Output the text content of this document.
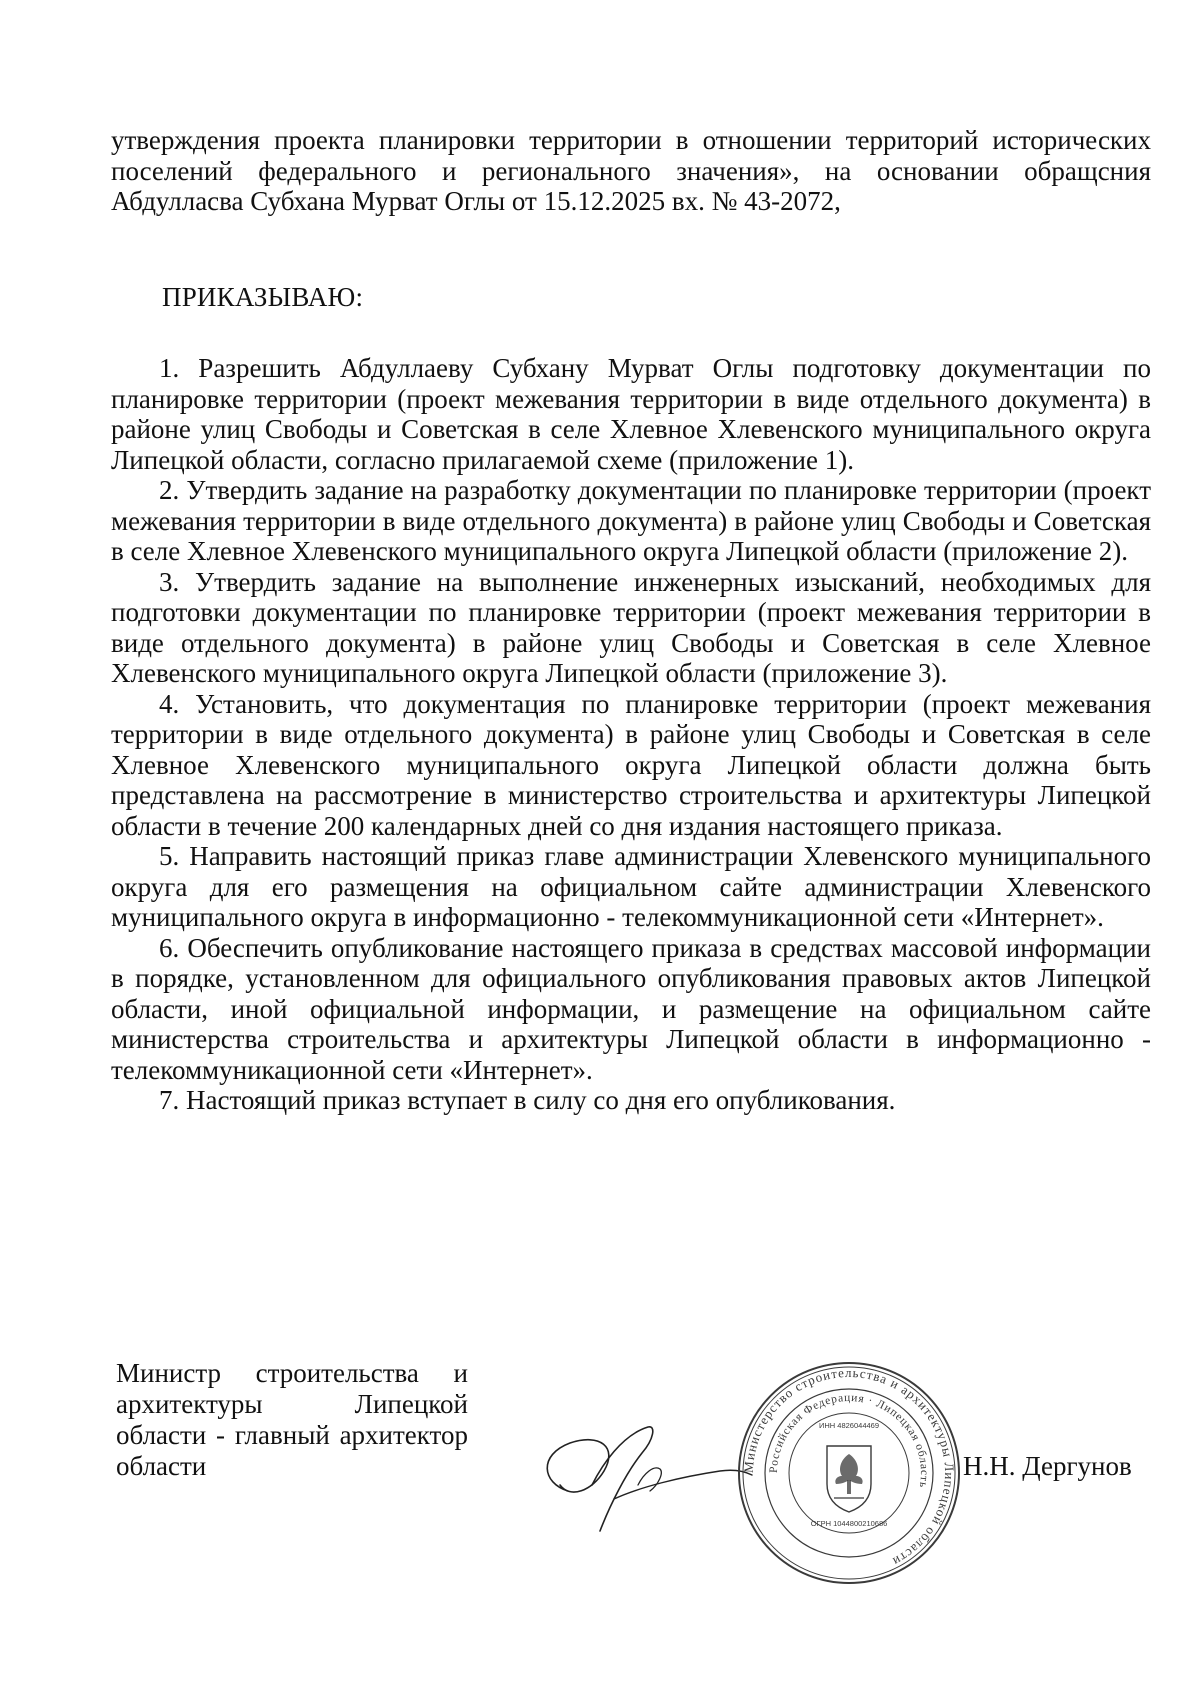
утверждения проекта планировки территории в отношении территорий исторических поселений федерального и регионального значения», на основании обращсния Абдулласва Субхана Мурват Оглы от 15.12.2025 вх. № 43-2072,

ПРИКАЗЫВАЮ:

1. Разрешить Абдуллаеву Субхану Мурват Оглы подготовку документации по планировке территории (проект межевания территории в виде отдельного документа) в районе улиц Свободы и Советская в селе Хлевное Хлевенского муниципального округа Липецкой области, согласно прилагаемой схеме (приложение 1).

2. Утвердить задание на разработку документации по планировке территории (проект межевания территории в виде отдельного документа) в районе улиц Свободы и Советская в селе Хлевное Хлевенского муниципального округа Липецкой области (приложение 2).

3. Утвердить задание на выполнение инженерных изысканий, необходимых для подготовки документации по планировке территории (проект межевания территории в виде отдельного документа) в районе улиц Свободы и Советская в селе Хлевное Хлевенского муниципального округа Липецкой области (приложение 3).

4. Установить, что документация по планировке территории (проект межевания территории в виде отдельного документа) в районе улиц Свободы и Советская в селе Хлевное Хлевенского муниципального округа Липецкой области должна быть представлена на рассмотрение в министерство строительства и архитектуры Липецкой области в течение 200 календарных дней со дня издания настоящего приказа.

5. Направить настоящий приказ главе администрации Хлевенского муниципального округа для его размещения на официальном сайте администрации Хлевенского муниципального округа в информационно - телекоммуникационной сети «Интернет».

6. Обеспечить опубликование настоящего приказа в средствах массовой информации в порядке, установленном для официального опубликования правовых актов Липецкой области, иной официальной информации, и размещение на официальном сайте министерства строительства и архитектуры Липецкой области в информационно - телекоммуникационной сети «Интернет».

7. Настоящий приказ вступает в силу со дня его опубликования.

Министр строительства и архитектуры Липецкой области - главный архитектор области	Министерство строительства и архитектуры Липецкой области
Российская Федерация · Липецкая область
ИНН 4826044469
ОГРН 1044800210686

Н.Н. Дергунов
